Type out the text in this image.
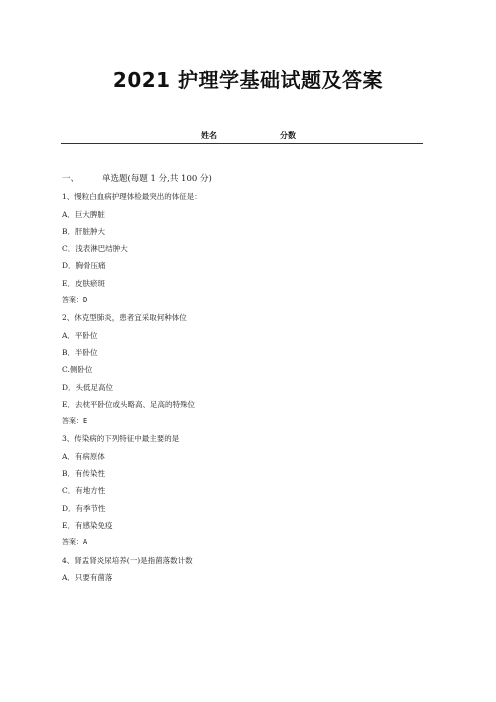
2021 护理学基础试题及答案
姓名	分数
一、	单选题(每题 1 分,共 100 分)
1、慢粒白血病护理体检最突出的体征是：
A．巨大脾脏
B．肝脏肿大
C．浅表淋巴结肿大
D．胸骨压痛
E．皮肤瘀斑
答案：D
2、休克型肺炎，患者宜采取何种体位
A．平卧位
B．半卧位
C.侧卧位
D．头低足高位
E．去枕平卧位或头略高、足高的特殊位
答案：E
3、传染病的下列特征中最主要的是
A．有病原体
B．有传染性
C．有地方性
D．有季节性
E．有感染免疫
答案：A
4、肾盂肾炎尿培养(一)是指菌落数计数
A．只要有菌落
